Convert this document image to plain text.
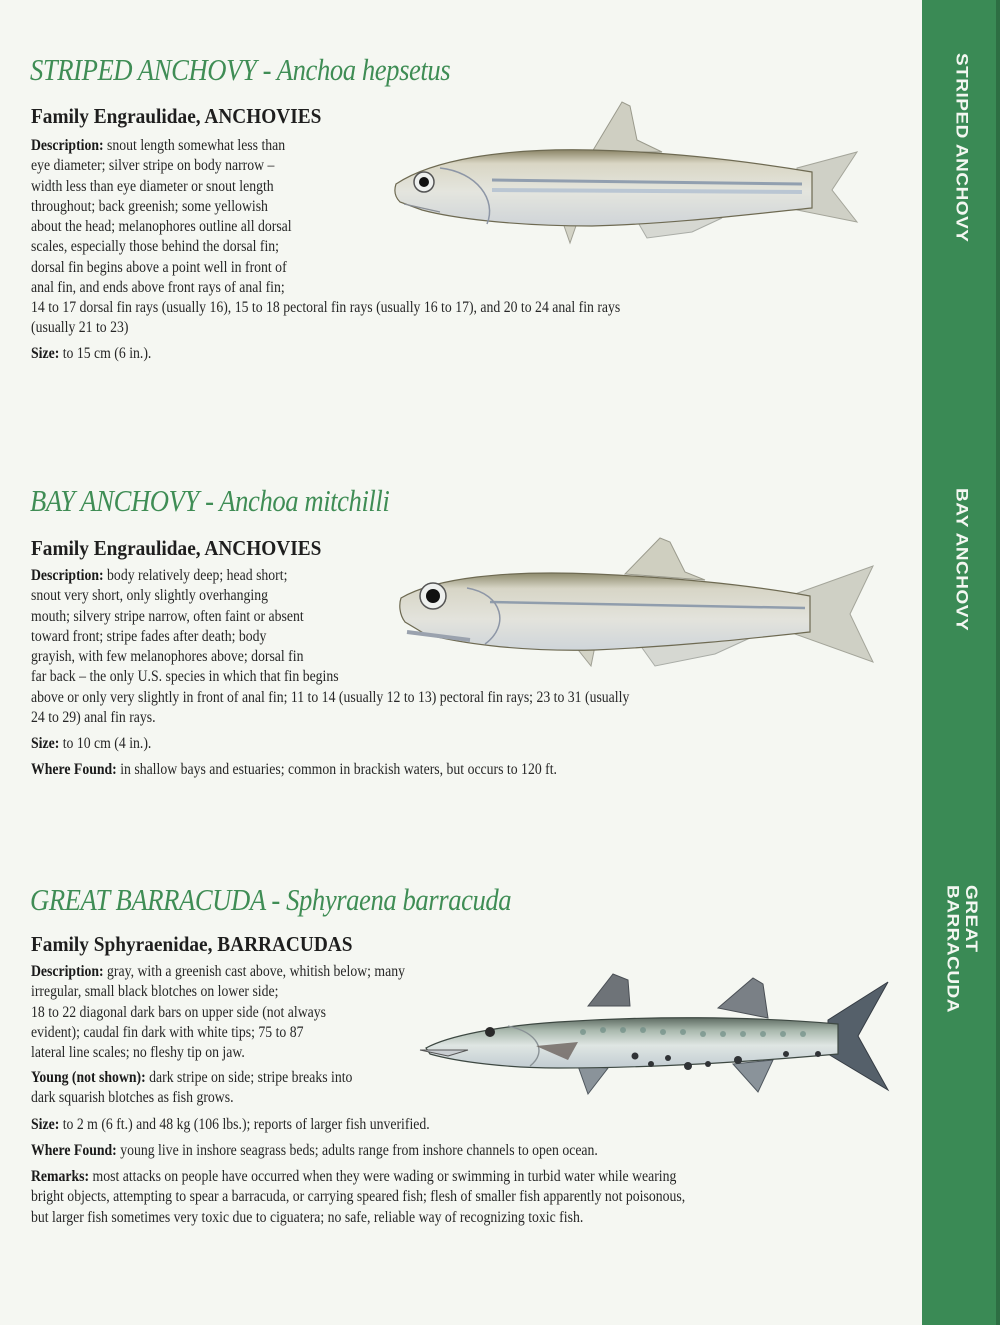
STRIPED ANCHOVY - Anchoa hepsetus
Family Engraulidae, ANCHOVIES
Description: snout length somewhat less than
eye diameter; silver stripe on body narrow –
width less than eye diameter or snout length
throughout; back greenish; some yellowish
about the head; melanophores outline all dorsal
scales, especially those behind the dorsal fin;
dorsal fin begins above a point well in front of
anal fin, and ends above front rays of anal fin;
14 to 17 dorsal fin rays (usually 16), 15 to 18 pectoral fin rays (usually 16 to 17), and 20 to 24 anal fin rays
(usually 21 to 23)
Size: to 15 cm (6 in.).
BAY ANCHOVY - Anchoa mitchilli
Family Engraulidae, ANCHOVIES
Description: body relatively deep; head short;
snout very short, only slightly overhanging
mouth; silvery stripe narrow, often faint or absent
toward front; stripe fades after death; body
grayish, with few melanophores above; dorsal fin
far back – the only U.S. species in which that fin begins
above or only very slightly in front of anal fin; 11 to 14 (usually 12 to 13) pectoral fin rays; 23 to 31 (usually
24 to 29) anal fin rays.
Size: to 10 cm (4 in.).
Where Found: in shallow bays and estuaries; common in brackish waters, but occurs to 120 ft.
GREAT BARRACUDA - Sphyraena barracuda
Family Sphyraenidae, BARRACUDAS
Description: gray, with a greenish cast above, whitish below; many
irregular, small black blotches on lower side;
18 to 22 diagonal dark bars on upper side (not always
evident); caudal fin dark with white tips; 75 to 87
lateral line scales; no fleshy tip on jaw.
Young (not shown): dark stripe on side; stripe breaks into
dark squarish blotches as fish grows.
Size: to 2 m (6 ft.) and 48 kg (106 lbs.); reports of larger fish unverified.
Where Found: young live in inshore seagrass beds; adults range from inshore channels to open ocean.
Remarks: most attacks on people have occurred when they were wading or swimming in turbid water while wearing
bright objects, attempting to spear a barracuda, or carrying speared fish; flesh of smaller fish apparently not poisonous,
but larger fish sometimes very toxic due to ciguatera; no safe, reliable way of recognizing toxic fish.
STRIPED ANCHOVY
BAY ANCHOVY
GREAT BARRACUDA
